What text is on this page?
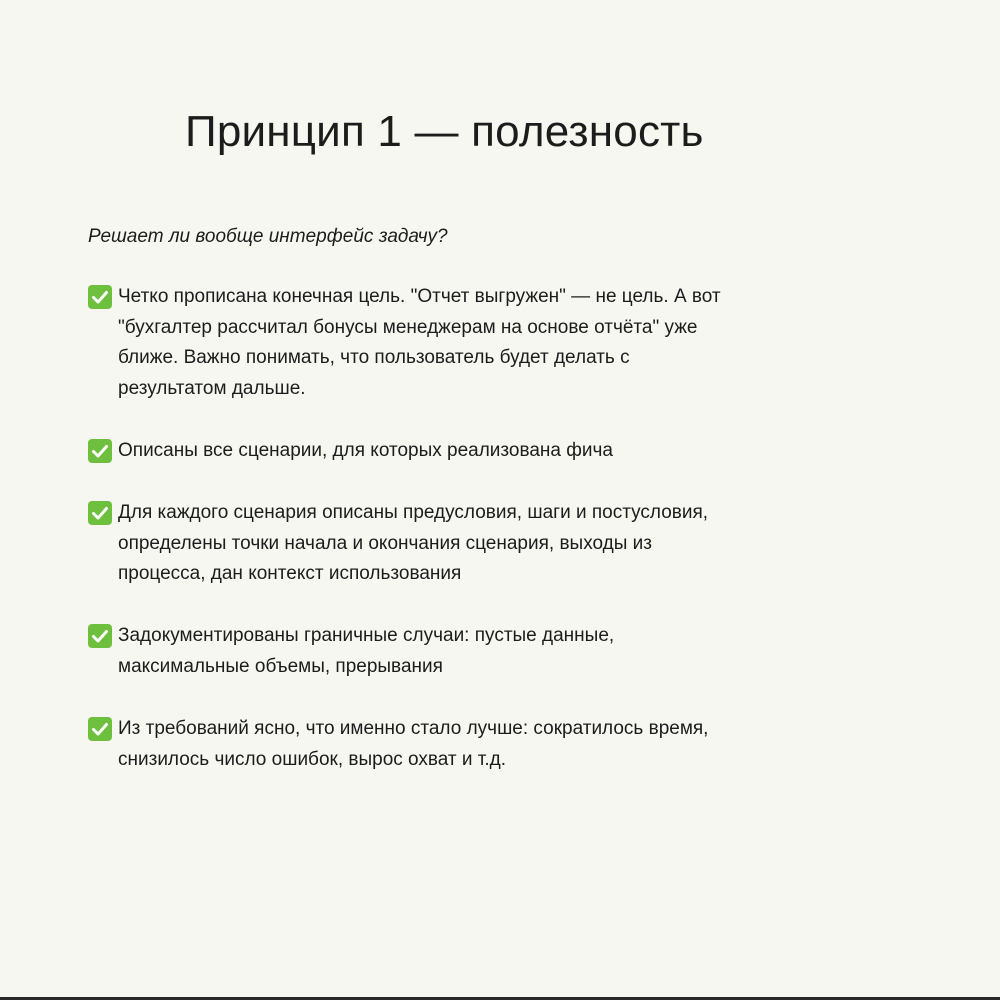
Принцип 1 — полезность
Решает ли вообще интерфейс задачу?
Четко прописана конечная цель. "Отчет выгружен" — не цель. А вот
"бухгалтер рассчитал бонусы менеджерам на основе отчёта" уже
ближе. Важно понимать, что пользователь будет делать с
результатом дальше.
Описаны все сценарии, для которых реализована фича
Для каждого сценария описаны предусловия, шаги и постусловия,
определены точки начала и окончания сценария, выходы из
процесса, дан контекст использования
Задокументированы граничные случаи: пустые данные,
максимальные объемы, прерывания
Из требований ясно, что именно стало лучше: сократилось время,
снизилось число ошибок, вырос охват и т.д.
